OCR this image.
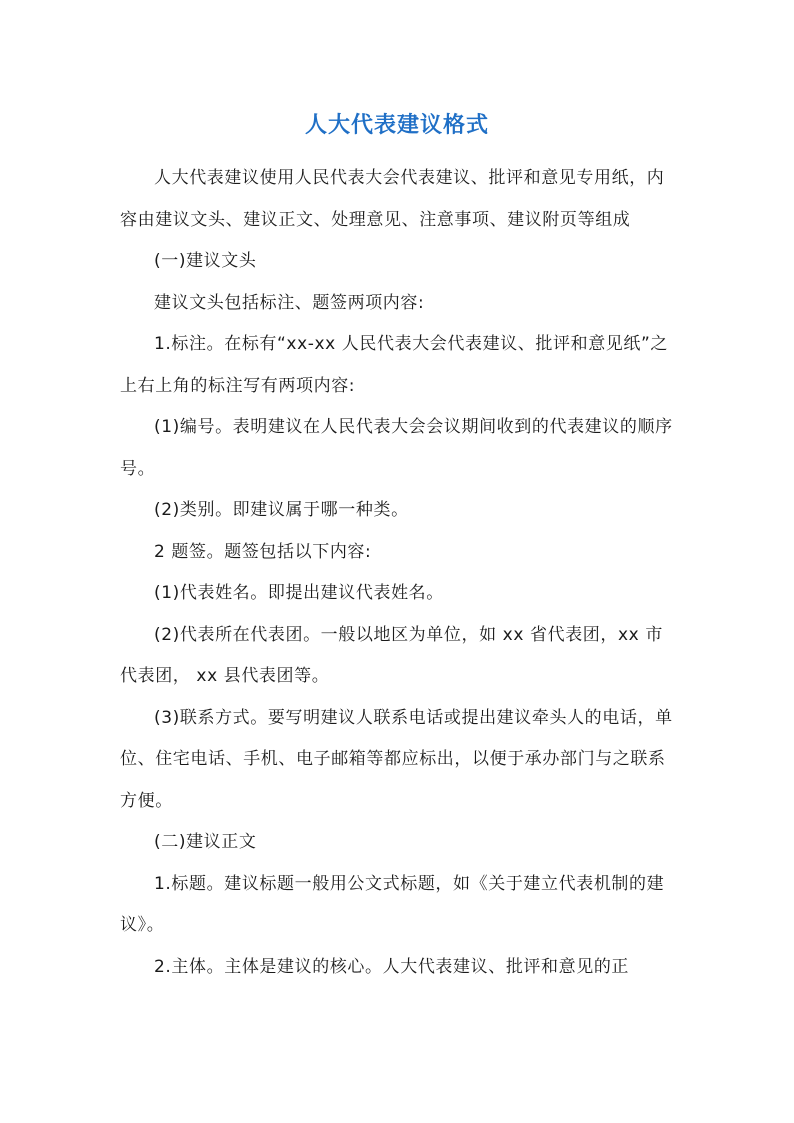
人大代表建议格式

人大代表建议使用人民代表大会代表建议、批评和意见专用纸，内容由建议文头、建议正文、处理意见、注意事项、建议附页等组成

(一)建议文头

建议文头包括标注、题签两项内容:

1.标注。在标有“xx-xx 人民代表大会代表建议、批评和意见纸”之上右上角的标注写有两项内容:

(1)编号。表明建议在人民代表大会会议期间收到的代表建议的顺序号。

(2)类别。即建议属于哪一种类。

2 题签。题签包括以下内容:

(1)代表姓名。即提出建议代表姓名。

(2)代表所在代表团。一般以地区为单位，如 xx 省代表团，xx 市代表团， xx 县代表团等。

(3)联系方式。要写明建议人联系电话或提出建议牵头人的电话，单位、住宅电话、手机、电子邮箱等都应标出，以便于承办部门与之联系方便。

(二)建议正文

1.标题。建议标题一般用公文式标题，如《关于建立代表机制的建议》。

2.主体。主体是建议的核心。人大代表建议、批评和意见的正
